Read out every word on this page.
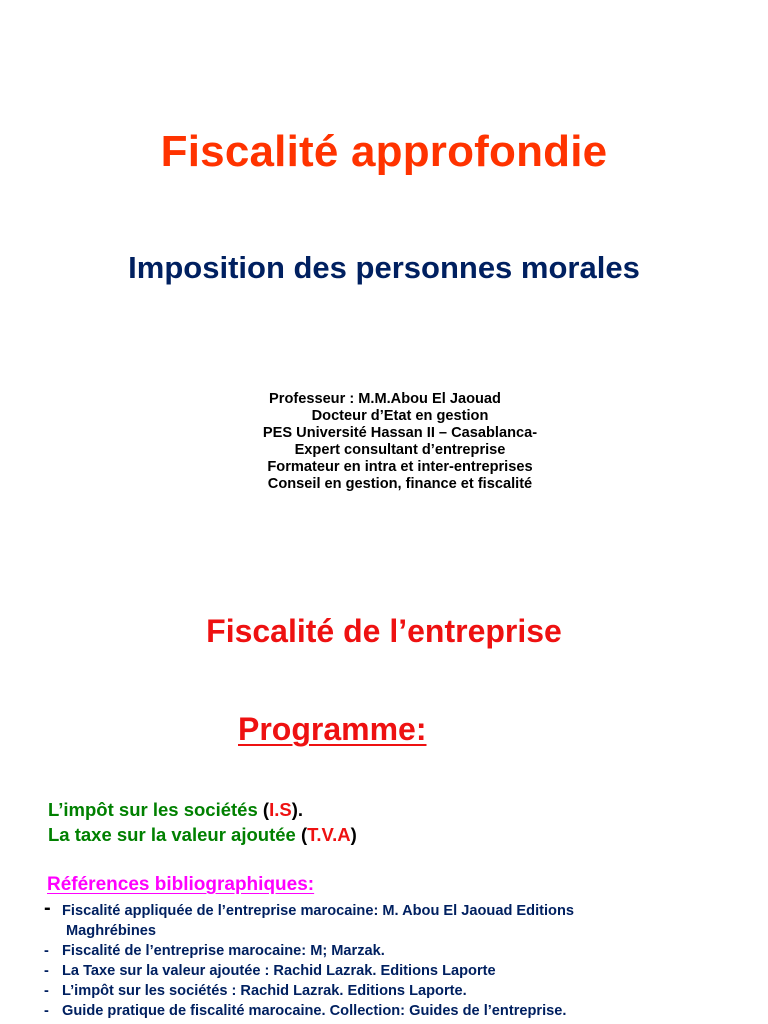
Fiscalité approfondie
Imposition des personnes morales
Professeur : M.M.Abou El Jaouad
Docteur d’Etat en gestion
PES Université Hassan II – Casablanca-
Expert consultant d’entreprise
Formateur en intra et inter-entreprises
Conseil en gestion, finance et fiscalité
Fiscalité de l’entreprise
Programme:
L’impôt sur les sociétés (I.S).
La taxe sur la valeur ajoutée (T.V.A)
Références bibliographiques:
- Fiscalité appliquée de l’entreprise marocaine: M. Abou El Jaouad Editions
Maghrébines
- Fiscalité de l’entreprise marocaine: M; Marzak.
- La Taxe sur la valeur ajoutée : Rachid Lazrak. Editions Laporte
- L’impôt sur les sociétés : Rachid Lazrak. Editions Laporte.
- Guide pratique de fiscalité marocaine. Collection: Guides de l’entreprise.
